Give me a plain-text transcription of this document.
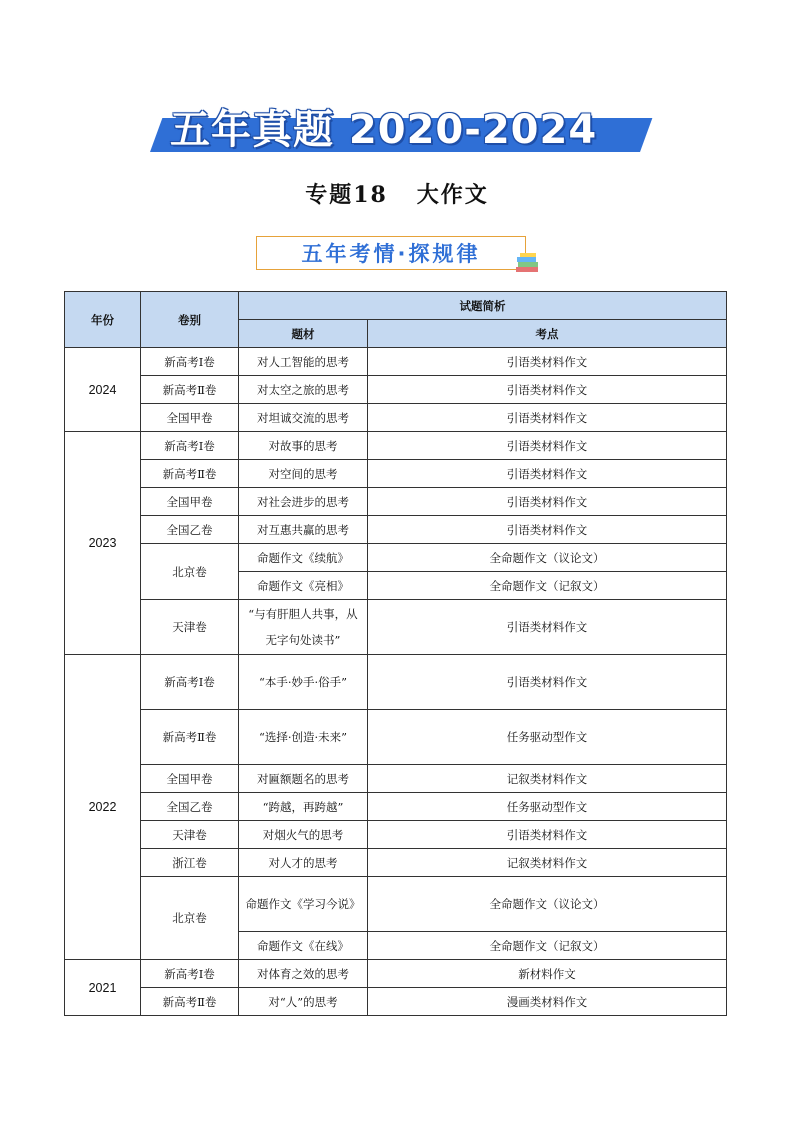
五年真题 2020-2024
专题18   大作文
五年考情·探规律
年份	卷别	试题简析	
		题材	考点
2024	新高考Ⅰ卷	对人工智能的思考	引语类材料作文
	新高考Ⅱ卷	对太空之旅的思考	引语类材料作文
	全国甲卷	对坦诚交流的思考	引语类材料作文
2023	新高考Ⅰ卷	对故事的思考	引语类材料作文
	新高考Ⅱ卷	对空间的思考	引语类材料作文
	全国甲卷	对社会进步的思考	引语类材料作文
	全国乙卷	对互惠共赢的思考	引语类材料作文
	北京卷	命题作文《续航》	全命题作文（议论文）
		命题作文《亮相》	全命题作文（记叙文）
	天津卷	“与有肝胆人共事，从无字句处读书”	引语类材料作文
2022	新高考Ⅰ卷	“本手·妙手·俗手”	引语类材料作文
	新高考Ⅱ卷	“选择·创造·未来”	任务驱动型作文
	全国甲卷	对匾额题名的思考	记叙类材料作文
	全国乙卷	“跨越，再跨越”	任务驱动型作文
	天津卷	对烟火气的思考	引语类材料作文
	浙江卷	对人才的思考	记叙类材料作文
	北京卷	命题作文《学习今说》	全命题作文（议论文）
		命题作文《在线》	全命题作文（记叙文）
2021	新高考Ⅰ卷	对体育之效的思考	新材料作文
	新高考Ⅱ卷	对“人”的思考	漫画类材料作文
